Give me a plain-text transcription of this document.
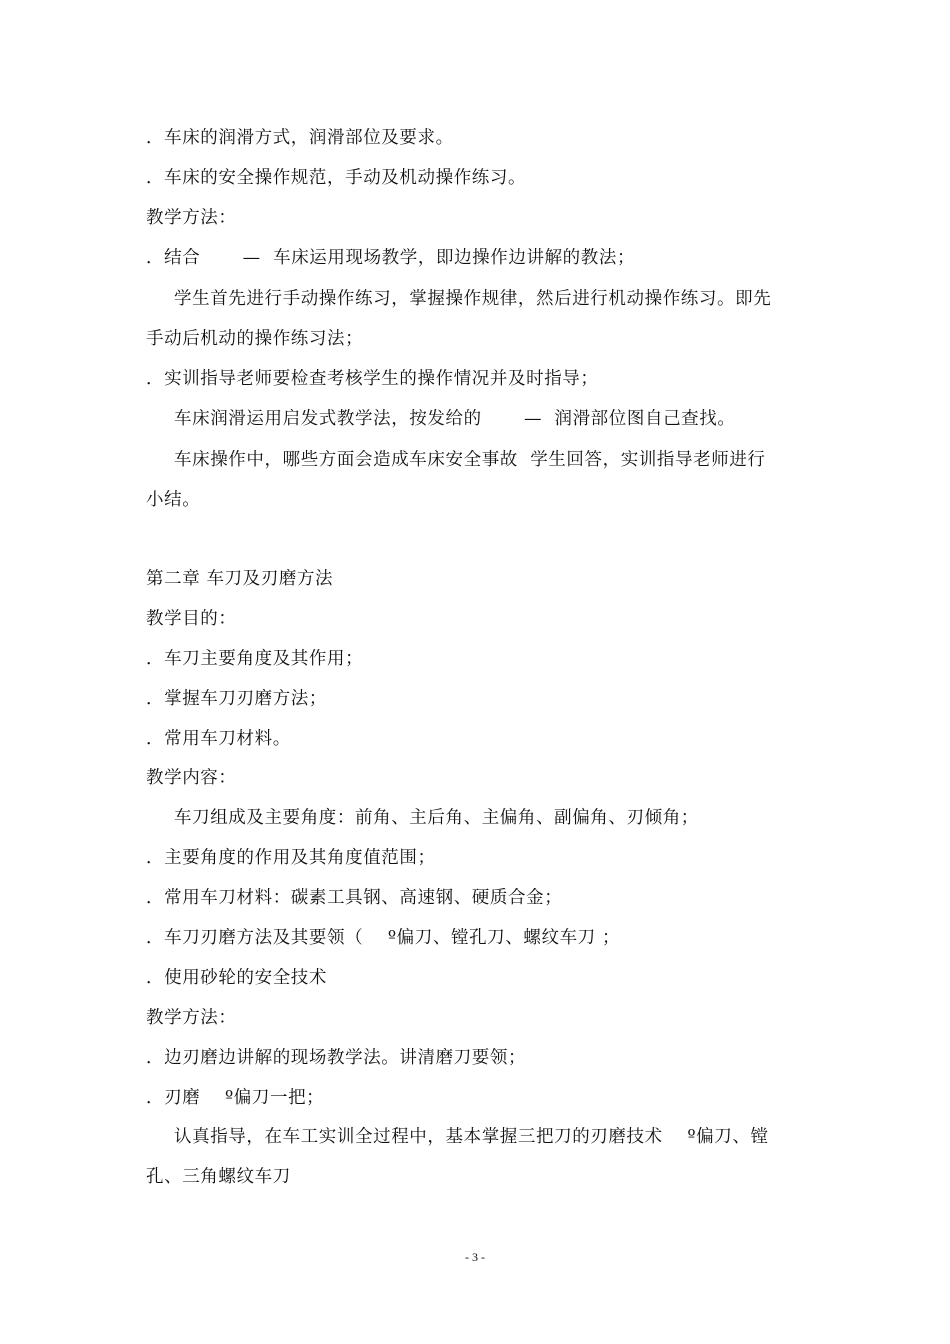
．车床的润滑方式，润滑部位及要求。
．车床的安全操作规范，手动及机动操作练习。
教学方法：
．结合　　 —  车床运用现场教学，即边操作边讲解的教法；
学生首先进行手动操作练习，掌握操作规律，然后进行机动操作练习。即先
手动后机动的操作练习法；
．实训指导老师要检查考核学生的操作情况并及时指导；
车床润滑运用启发式教学法，按发给的　　 —  润滑部位图自己查找。
车床操作中，哪些方面会造成车床安全事故  学生回答，实训指导老师进行
小结。
第二章 车刀及刃磨方法
教学目的：
．车刀主要角度及其作用；
．掌握车刀刃磨方法；
．常用车刀材料。
教学内容：
车刀组成及主要角度：前角、主后角、主偏角、副偏角、刃倾角；
．主要角度的作用及其角度值范围；
．常用车刀材料：碳素工具钢、高速钢、硬质合金；
．车刀刃磨方法及其要领（    º偏刀、镗孔刀、螺纹车刀 ；
．使用砂轮的安全技术
教学方法：
．边刃磨边讲解的现场教学法。讲清磨刀要领；
．刃磨    º偏刀一把；
认真指导，在车工实训全过程中，基本掌握三把刀的刃磨技术    º偏刀、镗
孔、三角螺纹车刀
- 3 -
